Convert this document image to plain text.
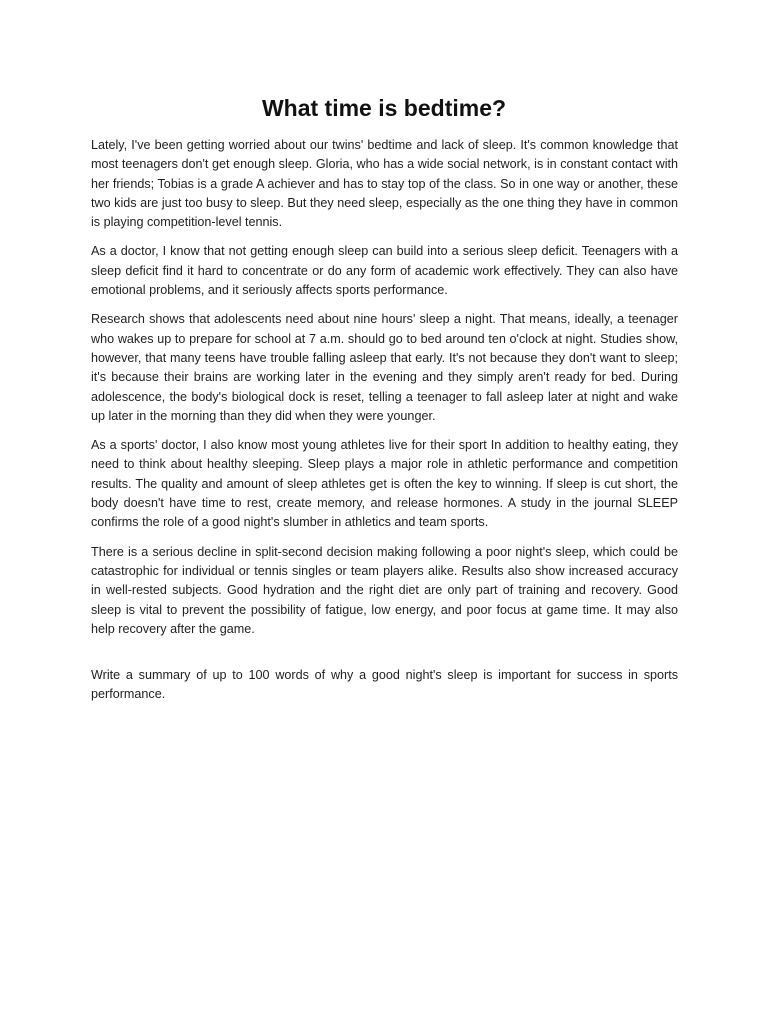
What time is bedtime?

Lately, I've been getting worried about our twins' bedtime and lack of sleep. It's common knowledge that most teenagers don't get enough sleep. Gloria, who has a wide social network, is in constant contact with her friends; Tobias is a grade A achiever and has to stay top of the class. So in one way or another, these two kids are just too busy to sleep. But they need sleep, especially as the one thing they have in common is playing competition-level tennis.

As a doctor, I know that not getting enough sleep can build into a serious sleep deficit. Teenagers with a sleep deficit find it hard to concentrate or do any form of academic work effectively. They can also have emotional problems, and it seriously affects sports performance.

Research shows that adolescents need about nine hours' sleep a night. That means, ideally, a teenager who wakes up to prepare for school at 7 a.m. should go to bed around ten o'clock at night. Studies show, however, that many teens have trouble falling asleep that early. It's not because they don't want to sleep; it's because their brains are working later in the evening and they simply aren't ready for bed. During adolescence, the body's biological dock is reset, telling a teenager to fall asleep later at night and wake up later in the morning than they did when they were younger.

As a sports' doctor, I also know most young athletes live for their sport In addition to healthy eating, they need to think about healthy sleeping. Sleep plays a major role in athletic performance and competition results. The quality and amount of sleep athletes get is often the key to winning. If sleep is cut short, the body doesn't have time to rest, create memory, and release hormones. A study in the journal SLEEP confirms the role of a good night's slumber in athletics and team sports.

There is a serious decline in split-second decision making following a poor night's sleep, which could be catastrophic for individual or tennis singles or team players alike. Results also show increased accuracy in well-rested subjects. Good hydration and the right diet are only part of training and recovery. Good sleep is vital to prevent the possibility of fatigue, low energy, and poor focus at game time. It may also help recovery after the game.

Write a summary of up to 100 words of why a good night's sleep is important for success in sports performance.
